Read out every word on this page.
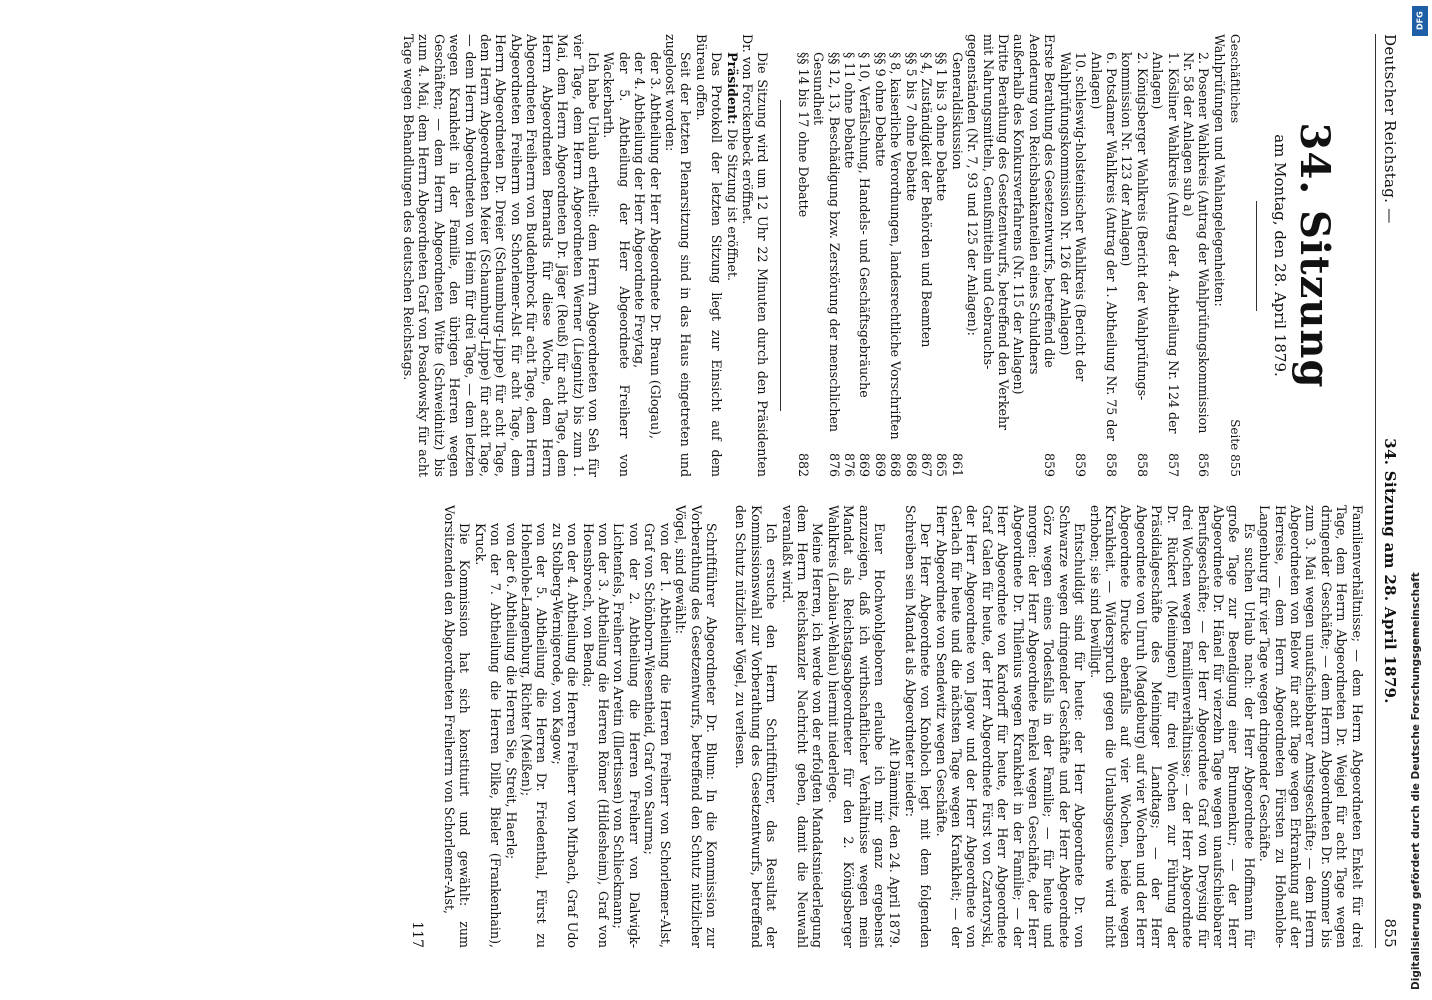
Deutscher Reichstag. —
34. Sitzung am 28. April 1879.
855
34. Sitzung
am Montag, den 28. April 1879.
Geschäftliches
Seite 855
Wahlprüfungen und Wahlangelegenheiten:
2. Posener Wahlkreis (Antrag der Wahlprüfungskommission Nr. 58 der Anlagen sub a)
856
1. Kösliner Wahlkreis (Antrag der 4. Abtheilung Nr. 124 der Anlagen)
857
2. Königsberger Wahlkreis (Bericht der Wahlprüfungskommission Nr. 123 der Anlagen)
858
6. Potsdamer Wahlkreis (Antrag der 1. Abtheilung Nr. 75 der Anlagen)
858
10. schleswig-holsteinischer Wahlkreis (Bericht der Wahlprüfungskommission Nr. 126 der Anlagen)
859
Erste Berathung des Gesetzentwurfs, betreffend die Aenderung von Reichsbankanteilen eines Schuldners außerhalb des Konkursverfahrens (Nr. 115 der Anlagen)
859
Dritte Berathung des Gesetzentwurfs, betreffend den Verkehr mit Nahrungsmitteln, Genußmitteln und Gebrauchsgegenständen (Nr. 7, 93 und 125 der Anlagen):
Generaldiskussion
861
§§ 1 bis 3 ohne Debatte
865
§ 4, Zuständigkeit der Behörden und Beamten
867
§§ 5 bis 7 ohne Debatte
868
§ 8, kaiserliche Verordnungen, landesrechtliche Vorschriften
868
§§ 9 ohne Debatte
869
§ 10, Verfälschung, Handels- und Geschäftsgebräuche
869
§ 11 ohne Debatte
876
§§ 12, 13, Beschädigung bzw. Zerstörung der menschlichen Gesundheit
876
§§ 14 bis 17 ohne Debatte
882

Die Sitzung wird um 12 Uhr 22 Minuten durch den Präsidenten Dr. von Forckenbeck eröffnet.

Präsident: Die Sitzung ist eröffnet.

Das Protokoll der letzten Sitzung liegt zur Einsicht auf dem Büreau offen.

Seit der letzten Plenarsitzung sind in das Haus eingetreten und zugeloost worden:

der 3. Abtheilung der Herr Abgeordnete Dr. Braun (Glogau),

der 4. Abtheilung der Herr Abgeordnete Freytag,

der 5. Abtheilung der Herr Abgeordnete Freiherr von Wackerbarth.

Ich habe Urlaub ertheilt: dem Herrn Abgeordneten von Seh für vier Tage, dem Herrn Abgeordneten Werner (Liegnitz) bis zum 1. Mai, dem Herrn Abgeordneten Dr. Jäger (Reuß) für acht Tage, dem Herrn Abgeordneten Bernards für diese Woche, dem Herrn Abgeordneten Freiherrn von Buddenbrock für acht Tage, dem Herrn Abgeordneten Freiherrn von Schorlemer-Alst für acht Tage, dem Herrn Abgeordneten Dr. Dreier (Schaumburg-Lippe) für acht Tage, dem Herrn Abgeordneten Meier (Schaumburg-Lippe) für acht Tage, — dem Herrn Abgeordneten von Heim für drei Tage, — dem letzten wegen Krankheit in der Familie, den übrigen Herren wegen Geschäften; — dem Herrn Abgeordneten Witte (Schweidnitz) bis zum 4. Mai, dem Herrn Abgeordneten Graf von Posadowsky für acht Tage wegen Behandlungen des deutschen Reichstags.

Familienverhältnisse; — dem Herrn Abgeordneten Enkelt für drei Tage, dem Herrn Abgeordneten Dr. Weigel für acht Tage wegen dringender Geschäfte; — dem Herrn Abgeordneten Dr. Sommer bis zum 3. Mai wegen unaufschiebbarer Amtsgeschäfte; — dem Herrn Abgeordneten von Below für acht Tage wegen Erkrankung auf der Herreise, — dem Herrn Abgeordneten Fürsten zu Hohenlohe-Langenburg für vier Tage wegen dringender Geschäfte.

Es suchen Urlaub nach: der Herr Abgeordnete Hoffmann für große Tage zur Beendigung einer Brunnenkur; — der Herr Abgeordnete Dr. Hänel für vierzehn Tage wegen unaufschiebbarer Berufsgeschäfte; — der Herr Abgeordnete Graf von Dreysing für drei Wochen wegen Familienverhältnisse; — der Herr Abgeordnete Dr. Rückert (Meiningen) für drei Wochen zur Führung der Präsidialgeschäfte des Meininger Landtags; — der Herr Abgeordnete von Unruh (Magdeburg) auf vier Wochen und der Herr Abgeordnete Drucke ebenfalls auf vier Wochen, beide wegen Krankheit. — Widerspruch gegen die Urlaubsgesuche wird nicht erhoben; sie sind bewilligt.

Entschuldigt sind für heute: der Herr Abgeordnete Dr. von Schwarze wegen dringender Geschäfte und der Herr Abgeordnete Görz wegen eines Todesfalls in der Familie; — für heute und morgen: der Herr Abgeordnete Fenkel wegen Geschäfte, der Herr Abgeordnete Dr. Thilenius wegen Krankheit in der Familie; — der Herr Abgeordnete von Kardorff für heute, der Herr Abgeordnete Graf Galen für heute, der Herr Abgeordnete Fürst von Czartoryski, der Herr Abgeordnete von Jagow und der Herr Abgeordnete von Gerlach für heute und die nächsten Tage wegen Krankheit; — der Herr Abgeordnete von Sendewitz wegen Geschäfte.

Der Herr Abgeordnete von Knobloch legt mit dem folgenden Schreiben sein Mandat als Abgeordneter nieder:

Alt Dämmitz, den 24. April 1879.

Euer Hochwohlgeboren erlaube ich mir ganz ergebenst anzuzeigen, daß ich wirthschaftlicher Verhältnisse wegen mein Mandat als Reichstagsabgeordneter für den 2. Königsberger Wahlkreis (Labiau-Wehlau) hiermit niederlege.

Meine Herren, ich werde von der erfolgten Mandatsniederlegung dem Herrn Reichskanzler Nachricht geben, damit die Neuwahl veranlaßt wird.

Ich ersuche den Herrn Schriftführer, das Resultat der Kommissionswahl zur Vorberathung des Gesetzentwurfs, betreffend den Schutz nützlicher Vögel, zu verlesen.

Schriftführer Abgeordneter Dr. Blum: In die Kommission zur Vorberathung des Gesetzentwurfs, betreffend den Schutz nützlicher Vögel, sind gewählt:

von der 1. Abtheilung die Herren Freiherr von Schorlemer-Alst, Graf von Schönborn-Wiesentheid, Graf von Saurma;

von der 2. Abtheilung die Herren Freiherr von Dalwigk-Lichtenfels, Freiherr von Aretin (Illertissen) von Schlieckmann;

von der 3. Abtheilung die Herren Römer (Hildesheim), Graf von Hoensbroech, von Benda;

von der 4. Abtheilung die Herren Freiherr von Mirbach, Graf Udo zu Stolberg-Wernigerode, von Kagow;

von der 5. Abtheilung die Herren Dr. Friedenthal, Fürst zu Hohenlohe-Langenburg, Richter (Meißen);

von der 6. Abtheilung die Herren Sie, Streit, Haerle;

von der 7. Abtheilung die Herren Dilke, Bieler (Frankenhain), Kruck.

Die Kommission hat sich konstituirt und gewählt: zum Vorsitzenden den Abgeordneten Freiherrn von Schorlemer-Alst,

117
DFG
Digitalisierung gefördert durch die Deutsche Forschungsgemeinschaft
